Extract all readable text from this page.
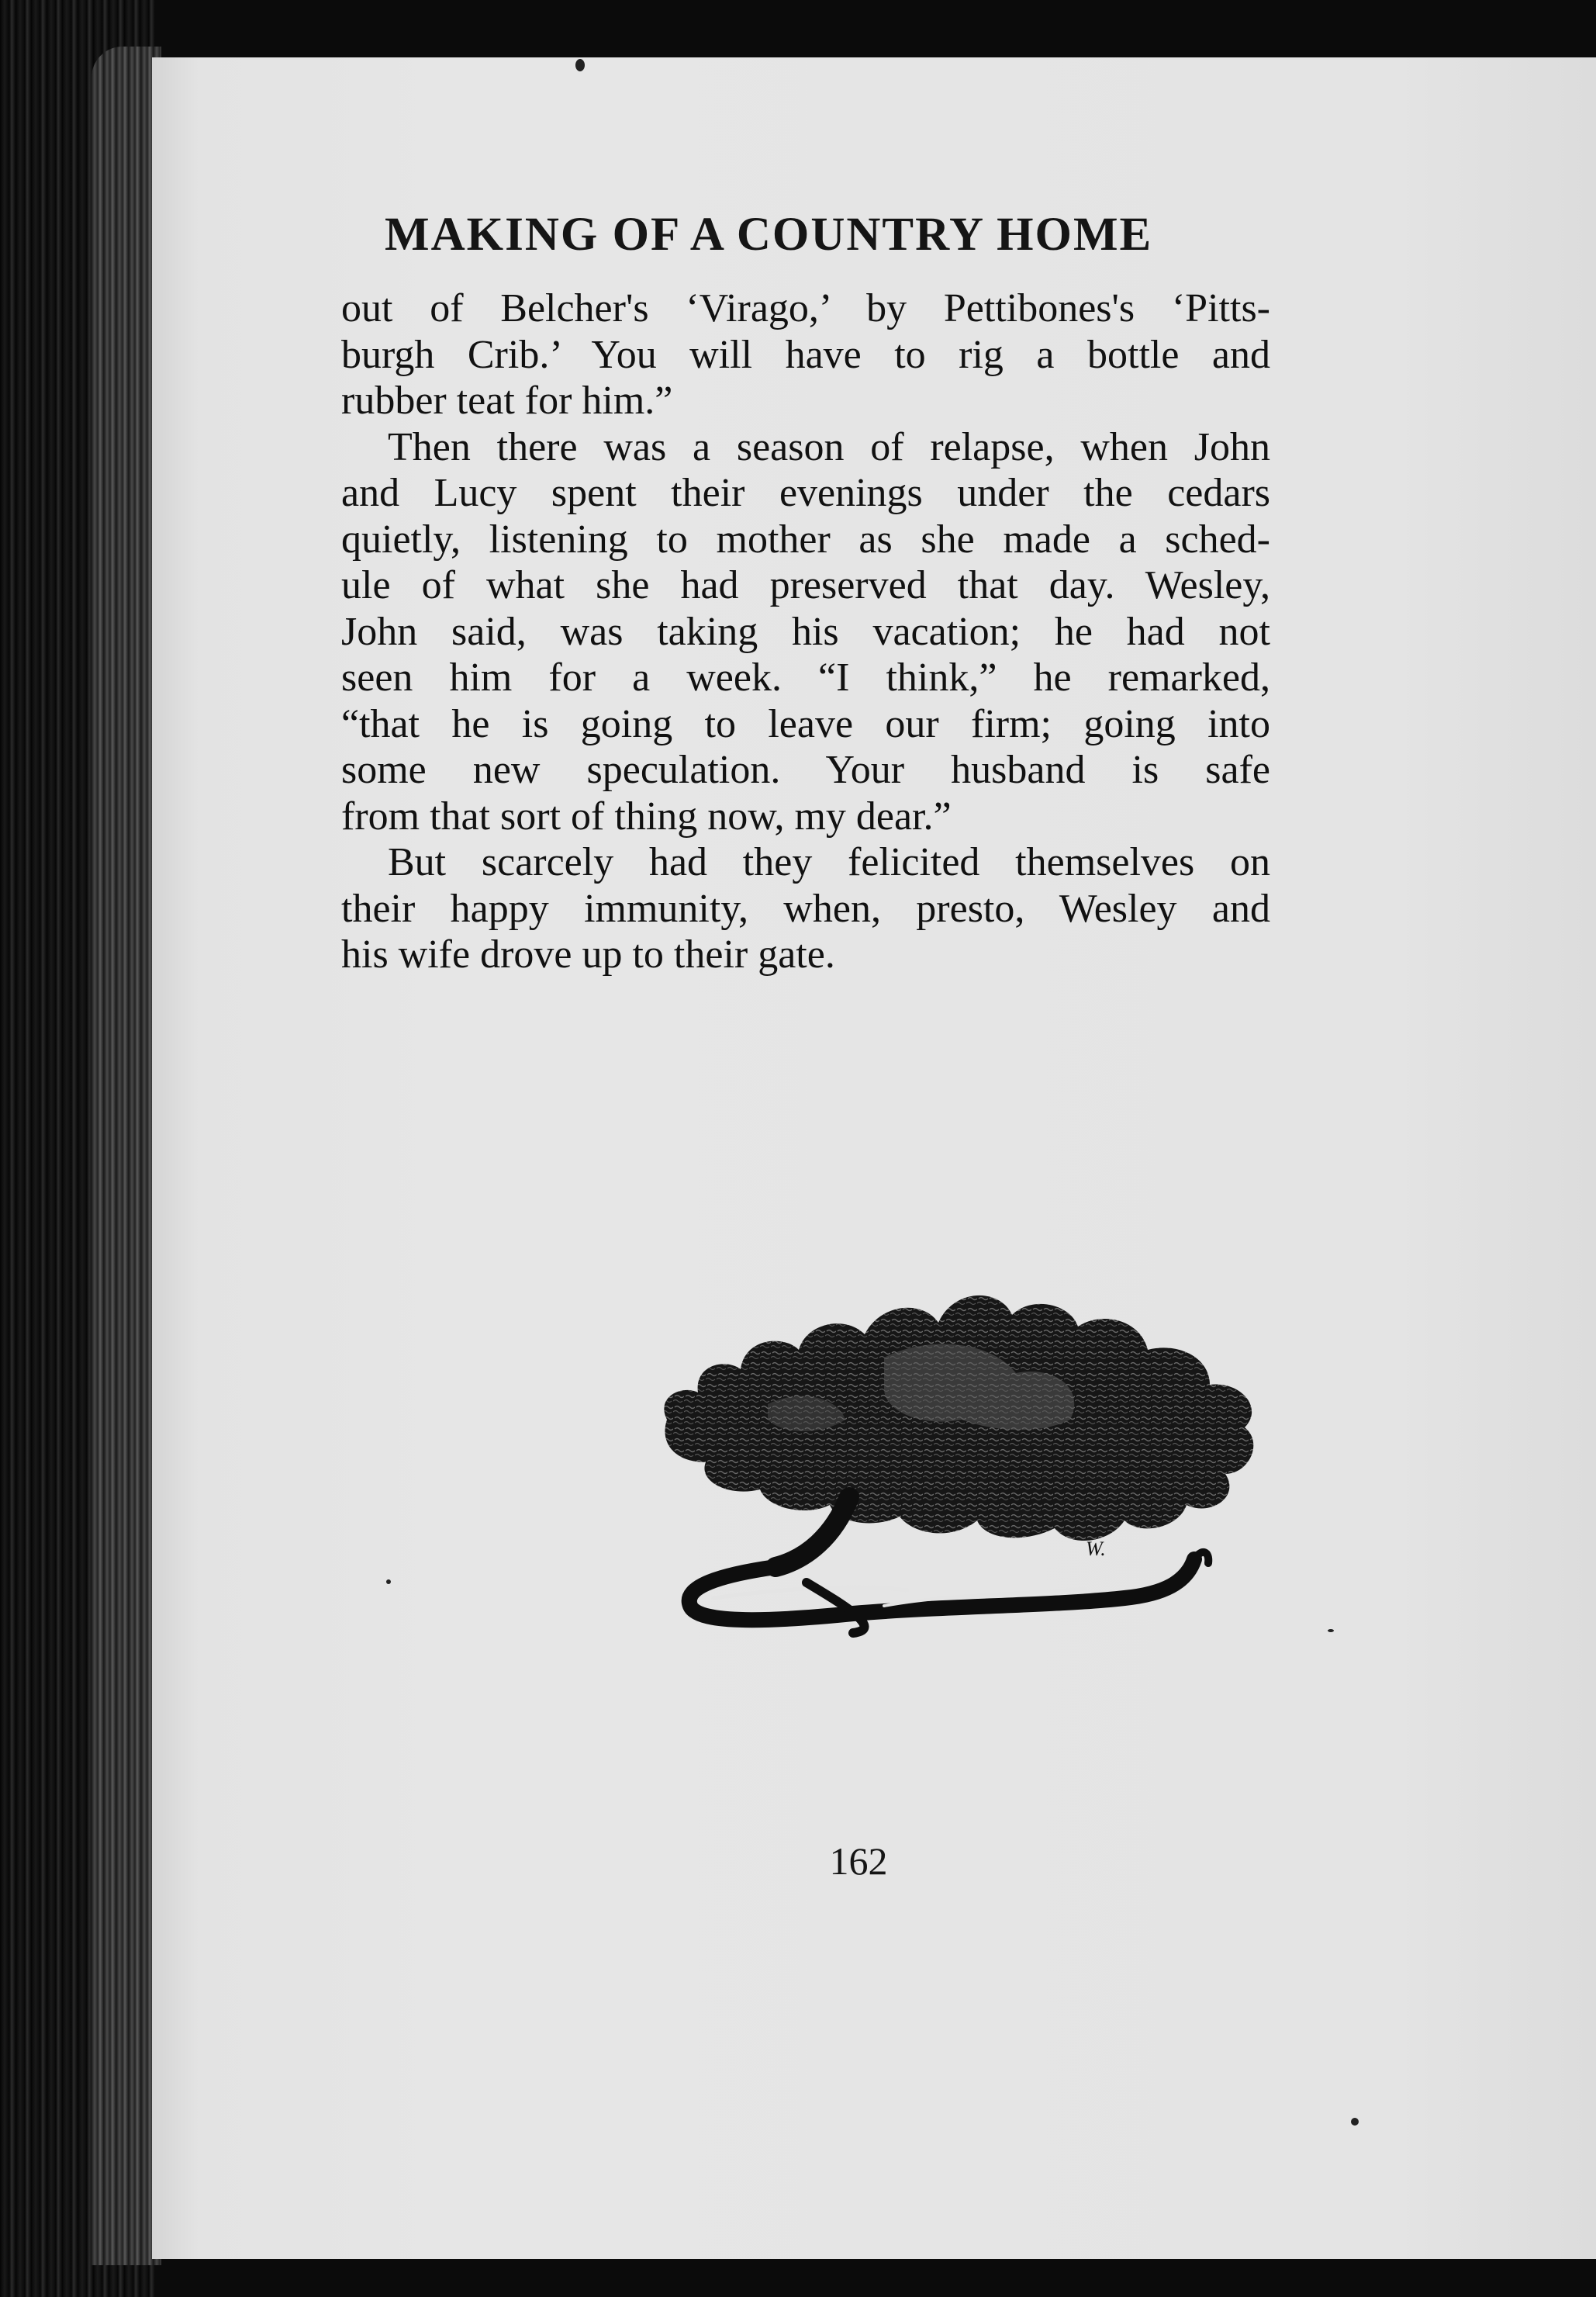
MAKING OF A COUNTRY HOME
out of Belcher's ‘Virago,’ by Pettibones's ‘Pitts-
burgh Crib.’ You will have to rig a bottle and
rubber teat for him.”
Then there was a season of relapse, when John
and Lucy spent their evenings under the cedars
quietly, listening to mother as she made a sched-
ule of what she had preserved that day. Wesley,
John said, was taking his vacation; he had not
seen him for a week. “I think,” he remarked,
“that he is going to leave our firm; going into
some new speculation. Your husband is safe
from that sort of thing now, my dear.”
But scarcely had they felicited themselves on
their happy immunity, when, presto, Wesley and
his wife drove up to their gate.
W.

162
